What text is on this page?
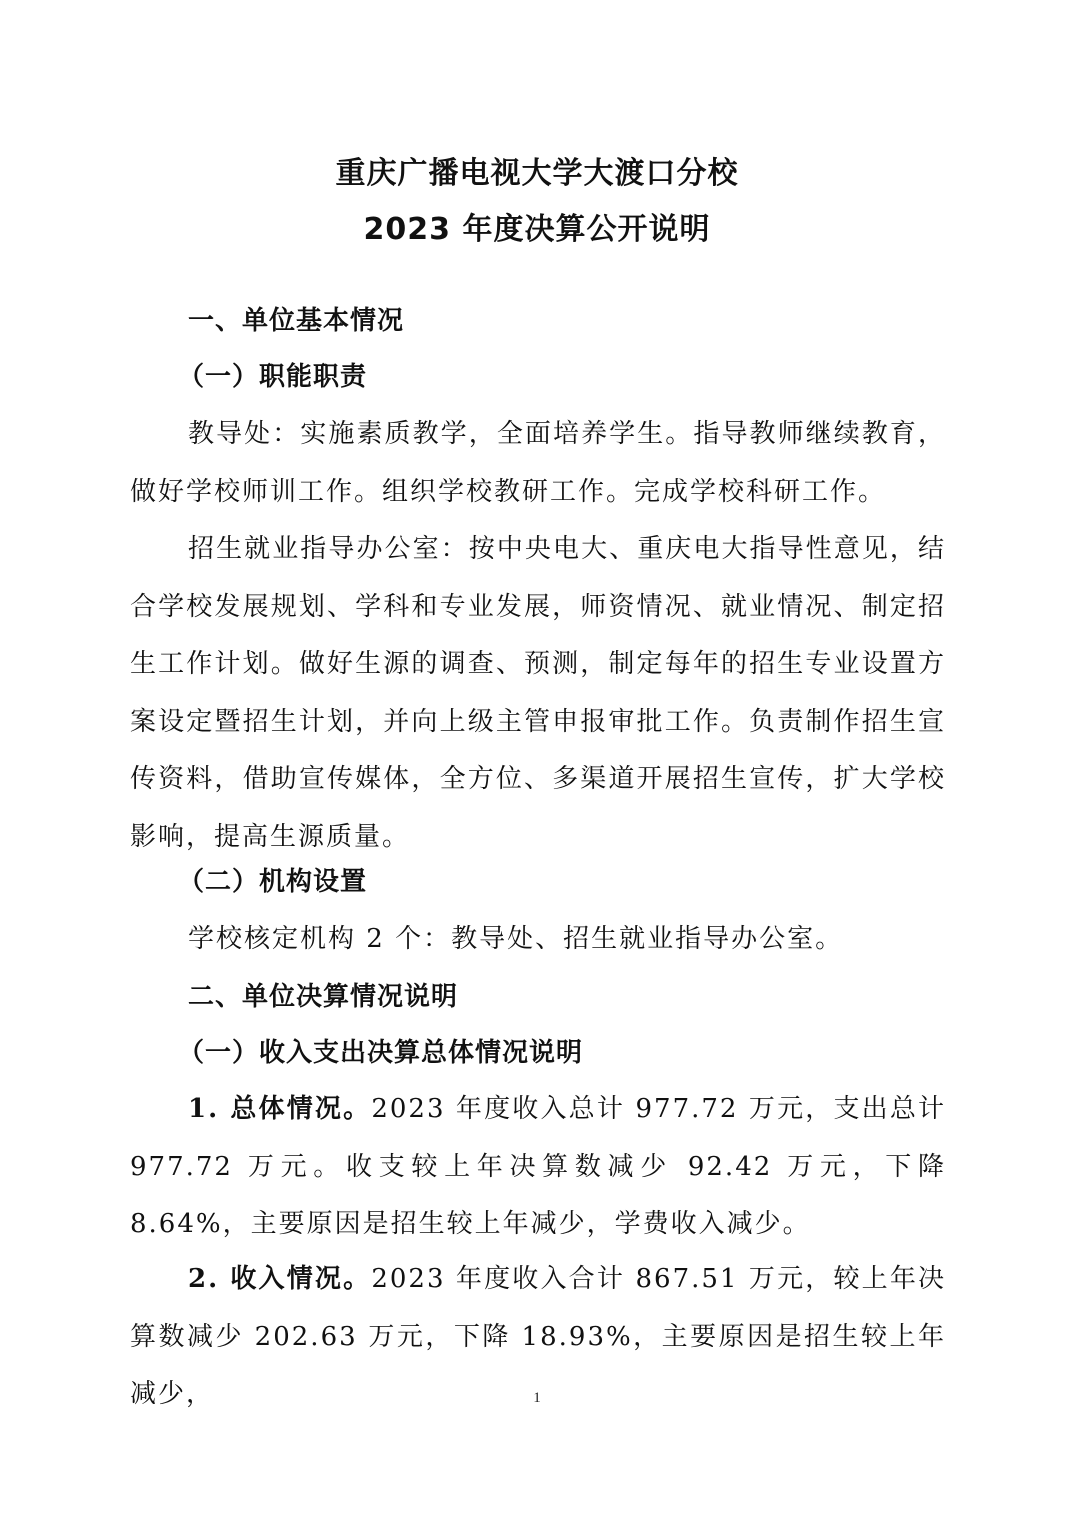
重庆广播电视大学大渡口分校
2023 年度决算公开说明
一、单位基本情况
（一）职能职责

教导处：实施素质教学，全面培养学生。指导教师继续教育，做好学校师训工作。组织学校教研工作。完成学校科研工作。

招生就业指导办公室：按中央电大、重庆电大指导性意见，结合学校发展规划、学科和专业发展，师资情况、就业情况、制定招生工作计划。做好生源的调查、预测，制定每年的招生专业设置方案设定暨招生计划，并向上级主管申报审批工作。负责制作招生宣传资料，借助宣传媒体，全方位、多渠道开展招生宣传，扩大学校影响，提高生源质量。

（二）机构设置

学校核定机构 2 个：教导处、招生就业指导办公室。

二、单位决算情况说明
（一）收入支出决算总体情况说明

1. 总体情况。2023 年度收入总计 977.72 万元，支出总计 977.72 万元。收支较上年决算数减少 92.42 万元，下降 8.64%，主要原因是招生较上年减少，学费收入减少。

2. 收入情况。2023 年度收入合计 867.51 万元，较上年决算数减少 202.63 万元，下降 18.93%，主要原因是招生较上年减少，	1
